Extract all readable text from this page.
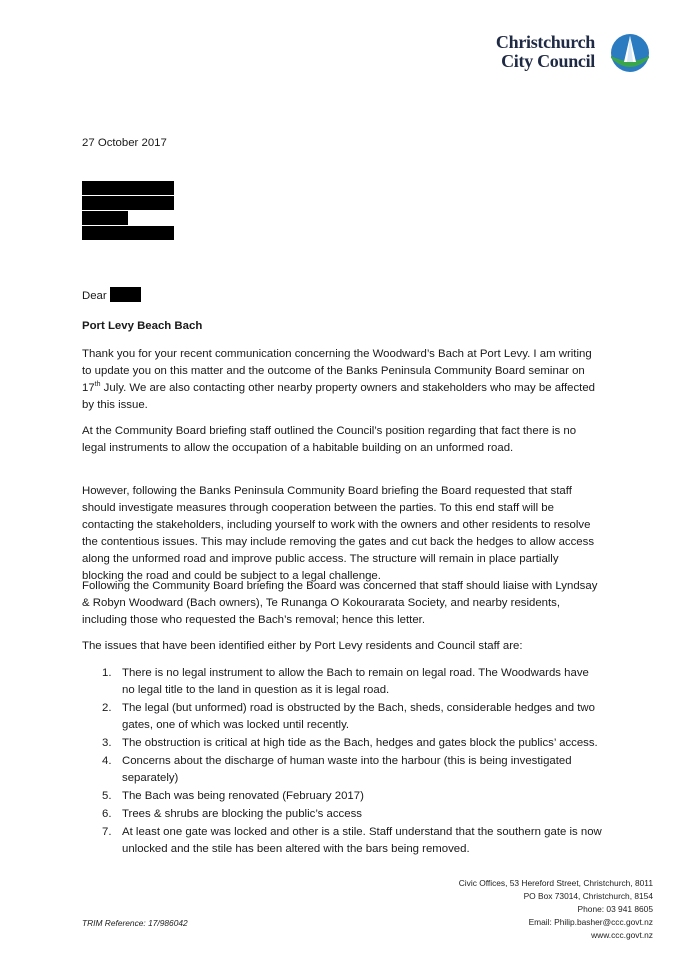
Christchurch
City Council
27 October 2017
Dear
Port Levy Beach Bach
Thank you for your recent communication concerning the Woodward’s Bach at Port Levy. I am writing to update you on this matter and the outcome of the Banks Peninsula Community Board seminar on 17th July. We are also contacting other nearby property owners and stakeholders who may be affected by this issue.
At the Community Board briefing staff outlined the Council’s position regarding that fact there is no legal instruments to allow the occupation of a habitable building on an unformed road.
However, following the Banks Peninsula Community Board briefing the Board requested that staff should investigate measures through cooperation between the parties. To this end staff will be contacting the stakeholders, including yourself to work with the owners and other residents to resolve the contentious issues. This may include removing the gates and cut back the hedges to allow access along the unformed road and improve public access. The structure will remain in place partially blocking the road and could be subject to a legal challenge.
Following the Community Board briefing the Board was concerned that staff should liaise with Lyndsay & Robyn Woodward (Bach owners), Te Runanga O Kokourarata Society, and nearby residents, including those who requested the Bach’s removal; hence this letter.
The issues that have been identified either by Port Levy residents and Council staff are:
1. There is no legal instrument to allow the Bach to remain on legal road. The Woodwards have no legal title to the land in question as it is legal road.
2. The legal (but unformed) road is obstructed by the Bach, sheds, considerable hedges and two gates, one of which was locked until recently.
3. The obstruction is critical at high tide as the Bach, hedges and gates block the publics’ access.
4. Concerns about the discharge of human waste into the harbour (this is being investigated separately)
5. The Bach was being renovated (February 2017)
6. Trees & shrubs are blocking the public’s access
7. At least one gate was locked and other is a stile. Staff understand that the southern gate is now unlocked and the stile has been altered with the bars being removed.
Civic Offices, 53 Hereford Street, Christchurch, 8011
PO Box 73014, Christchurch, 8154
Phone: 03 941 8605
Email: Philip.basher@ccc.govt.nz
www.ccc.govt.nz
TRIM Reference: 17/986042
